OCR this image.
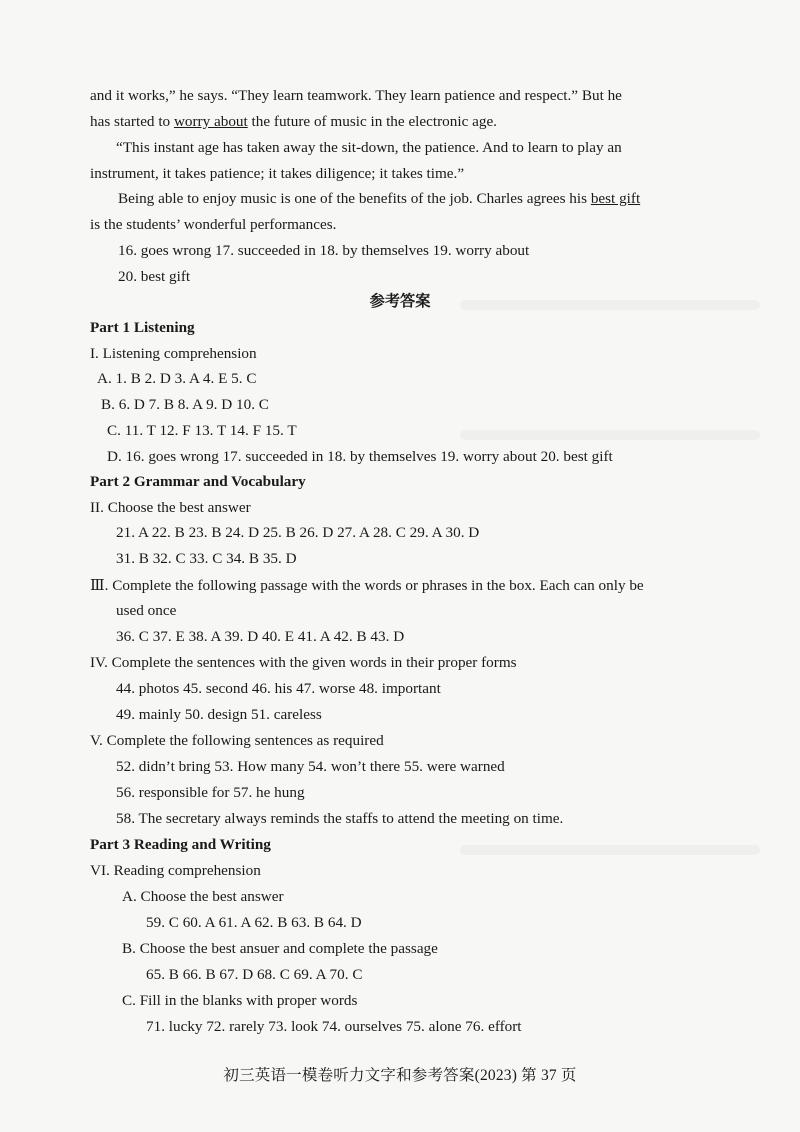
and it works,” he says. “They learn teamwork. They learn patience and respect.” But he
has started to worry about the future of music in the electronic age.
“This instant age has taken away the sit-down, the patience. And to learn to play an
instrument, it takes patience; it takes diligence; it takes time.”
Being able to enjoy music is one of the benefits of the job. Charles agrees his best gift
is the students’ wonderful performances.
16. goes wrong 17. succeeded in 18. by themselves 19. worry about
20. best gift
参考答案
Part 1 Listening
I. Listening comprehension
A. 1. B 2. D 3. A 4. E 5. C
B. 6. D 7. B 8. A 9. D 10. C
C. 11. T 12. F 13. T 14. F 15. T
D. 16. goes wrong 17. succeeded in 18. by themselves 19. worry about 20. best gift
Part 2 Grammar and Vocabulary
II. Choose the best answer
21. A 22. B 23. B 24. D 25. B 26. D 27. A 28. C 29. A 30. D
31. B 32. C 33. C 34. B 35. D
Ⅲ. Complete the following passage with the words or phrases in the box. Each can only be
used once
36. C 37. E 38. A 39. D 40. E 41. A 42. B 43. D
IV. Complete the sentences with the given words in their proper forms
44. photos 45. second 46. his 47. worse 48. important
49. mainly 50. design 51. careless
V. Complete the following sentences as required
52. didn’t bring 53. How many 54. won’t there 55. were warned
56. responsible for 57. he hung
58. The secretary always reminds the staffs to attend the meeting on time.
Part 3 Reading and Writing
VI. Reading comprehension
A. Choose the best answer
59. C 60. A 61. A 62. B 63. B 64. D
B. Choose the best ansuer and complete the passage
65. B 66. B 67. D 68. C 69. A 70. C
C. Fill in the blanks with proper words
71. lucky 72. rarely 73. look 74. ourselves 75. alone 76. effort
初三英语一模卷听力文字和参考答案(2023) 第 37 页
